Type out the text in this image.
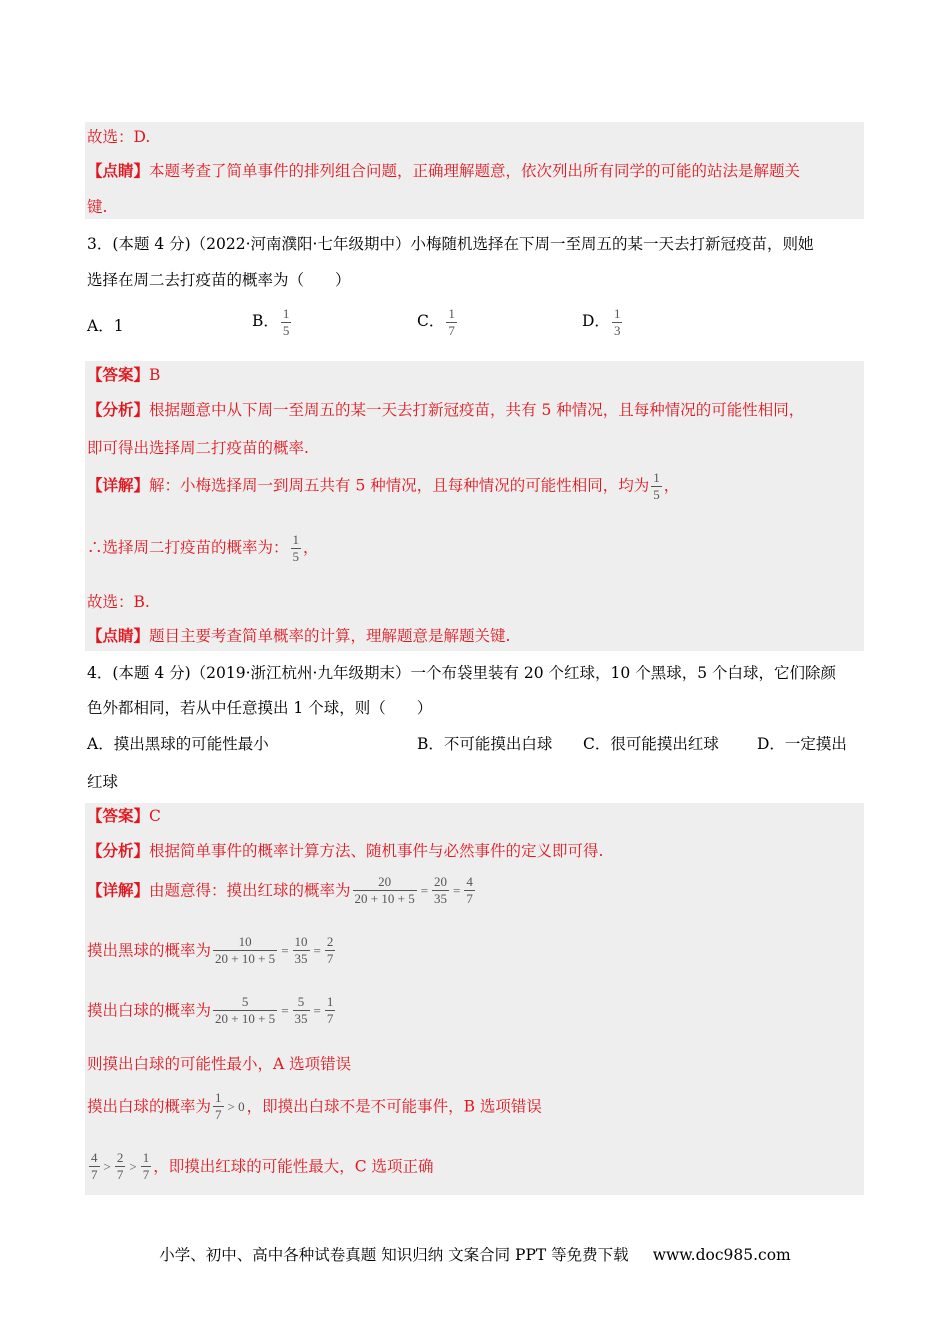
故选：D.
【点睛】本题考查了简单事件的排列组合问题，正确理解题意，依次列出所有同学的可能的站法是解题关
键.
3．(本题 4 分)（2022·河南濮阳·七年级期中）小梅随机选择在下周一至周五的某一天去打新冠疫苗，则她
选择在周二去打疫苗的概率为（　　）
A．1	B． $\frac{1}{5}$	C． $\frac{1}{7}$	D． $\frac{1}{3}$
【答案】B
【分析】根据题意中从下周一至周五的某一天去打新冠疫苗，共有 5 种情况，且每种情况的可能性相同，
即可得出选择周二打疫苗的概率.
【详解】解：小梅选择周一到周五共有 5 种情况，且每种情况的可能性相同，均为 $\frac{1}{5}$ ，
∴选择周二打疫苗的概率为： $\frac{1}{5}$ ，
故选：B.
【点睛】题目主要考查简单概率的计算，理解题意是解题关键.
4．(本题 4 分)（2019·浙江杭州·九年级期末）一个布袋里装有 20 个红球，10 个黑球，5 个白球，它们除颜
色外都相同，若从中任意摸出 1 个球，则（　　）
A．摸出黑球的可能性最小	B．不可能摸出白球 C．很可能摸出红球 D．一定摸出
红球
【答案】C
【分析】根据简单事件的概率计算方法、随机事件与必然事件的定义即可得.
【详解】由题意得：摸出红球的概率为 $\frac{20}{20 + 10 + 5} = \frac{20}{35} = \frac{4}{7}$
摸出黑球的概率为 $\frac{10}{20 + 10 + 5} = \frac{10}{35} = \frac{2}{7}$
摸出白球的概率为 $\frac{5}{20 + 10 + 5} = \frac{5}{35} = \frac{1}{7}$
则摸出白球的可能性最小，A 选项错误
摸出白球的概率为 $\frac{1}{7} > 0$ ，即摸出白球不是不可能事件，B 选项错误
$\frac{4}{7} > \frac{2}{7} > \frac{1}{7}$ ，即摸出红球的可能性最大，C 选项正确
小学、初中、高中各种试卷真题 知识归纳 文案合同 PPT 等免费下载 www.doc985.com
